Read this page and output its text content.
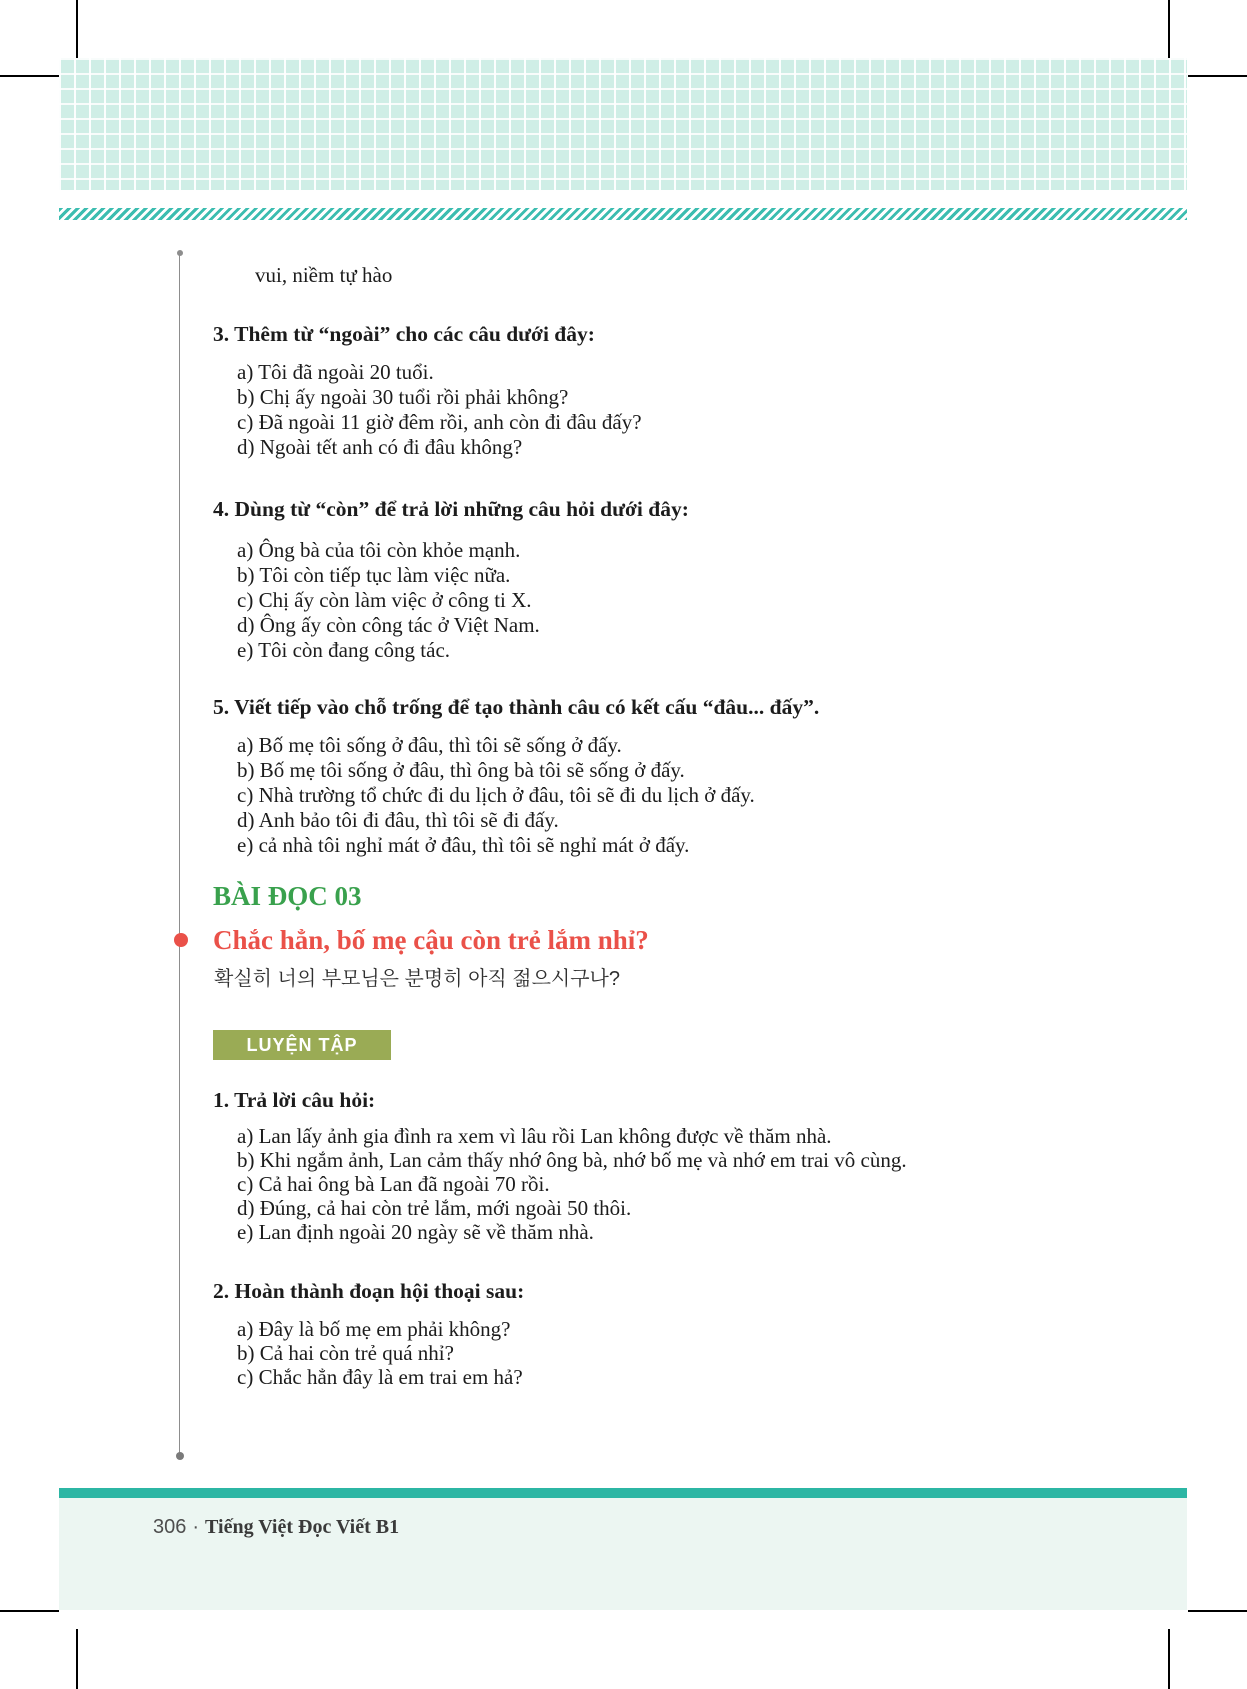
vui, niềm tự hào
3. Thêm từ “ngoài” cho các câu dưới đây:
a) Tôi đã ngoài 20 tuổi.
b) Chị ấy ngoài 30 tuổi rồi phải không?
c) Đã ngoài 11 giờ đêm rồi, anh còn đi đâu đấy?
d) Ngoài tết anh có đi đâu không?
4. Dùng từ “còn” để trả lời những câu hỏi dưới đây:
a) Ông bà của tôi còn khỏe mạnh.
b) Tôi còn tiếp tục làm việc nữa.
c) Chị ấy còn làm việc ở công ti X.
d) Ông ấy còn công tác ở Việt Nam.
e) Tôi còn đang công tác.
5. Viết tiếp vào chỗ trống để tạo thành câu có kết cấu “đâu... đấy”.
a) Bố mẹ tôi sống ở đâu, thì tôi sẽ sống ở đấy.
b) Bố mẹ tôi sống ở đâu, thì ông bà tôi sẽ sống ở đấy.
c) Nhà trường tổ chức đi du lịch ở đâu, tôi sẽ đi du lịch ở đấy.
d) Anh bảo tôi đi đâu, thì tôi sẽ đi đấy.
e) cả nhà tôi nghỉ mát ở đâu, thì tôi sẽ nghỉ mát ở đấy.
BÀI ĐỌC 03
Chắc hẳn, bố mẹ cậu còn trẻ lắm nhỉ?
확실히 너의 부모님은 분명히 아직 젊으시구나?
LUYỆN TẬP
1. Trả lời câu hỏi:
a) Lan lấy ảnh gia đình ra xem vì lâu rồi Lan không được về thăm nhà.
b) Khi ngắm ảnh, Lan cảm thấy nhớ ông bà, nhớ bố mẹ và nhớ em trai vô cùng.
c) Cả hai ông bà Lan đã ngoài 70 rồi.
d) Đúng, cả hai còn trẻ lắm, mới ngoài 50 thôi.
e) Lan định ngoài 20 ngày sẽ về thăm nhà.
2. Hoàn thành đoạn hội thoại sau:
a) Đây là bố mẹ em phải không?
b) Cả hai còn trẻ quá nhỉ?
c) Chắc hẳn đây là em trai em hả?
306 · Tiếng Việt Đọc Viết B1
